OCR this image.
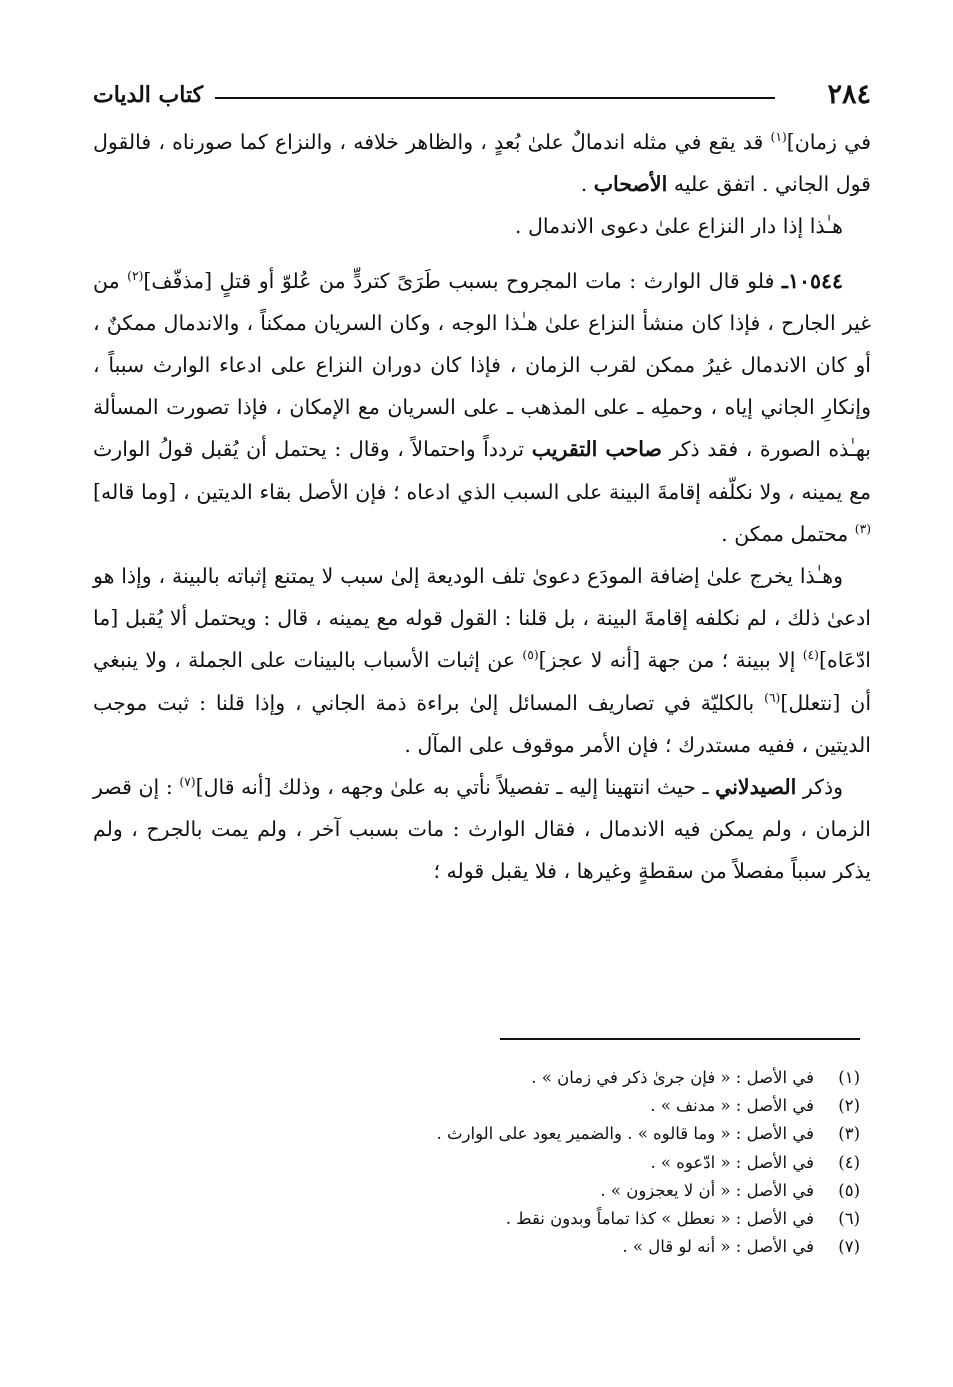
٢٨٤
كتاب الديات

في زمان]$^{(١)}$ قد يقع في مثله اندمالٌ علىٰ بُعدٍ ، والظاهر خلافه ، والنزاع كما صورناه ، فالقول قول الجاني . اتفق عليه الأصحاب .

هـٰذا إذا دار النزاع علىٰ دعوى الاندمال .

١٠٥٤٤ـ فلو قال الوارث : مات المجروح بسبب طَرَىً كتردٍّ من عُلوّ أو قتلٍ [مذفّف]$^{(٢)}$ من غير الجارح ، فإذا كان منشأ النزاع علىٰ هـٰذا الوجه ، وكان السريان ممكناً ، والاندمال ممكنٌ ، أو كان الاندمال غيرُ ممكن لقرب الزمان ، فإذا كان دوران النزاع على ادعاء الوارث سبباً ، وإنكارِ الجاني إياه ، وحملِه ـ على المذهب ـ على السريان مع الإمكان ، فإذا تصورت المسألة بهـٰذه الصورة ، فقد ذكر صاحب التقريب تردداً واحتمالاً ، وقال : يحتمل أن يُقبل قولُ الوارث مع يمينه ، ولا نكلّفه إقامةَ البينة على السبب الذي ادعاه ؛ فإن الأصل بقاء الديتين ، [وما قاله]$^{(٣)}$ محتمل ممكن .

وهـٰذا يخرج علىٰ إضافة المودَع دعوىٰ تلف الوديعة إلىٰ سبب لا يمتنع إثباته بالبينة ، وإذا هو ادعىٰ ذلك ، لم نكلفه إقامةَ البينة ، بل قلنا : القول قوله مع يمينه ، قال : ويحتمل ألا يُقبل [ما ادّعَاه]$^{(٤)}$ إلا ببينة ؛ من جهة [أنه لا عجز]$^{(٥)}$ عن إثبات الأسباب بالبينات على الجملة ، ولا ينبغي أن [نتعلل]$^{(٦)}$ بالكليّة في تصاريف المسائل إلىٰ براءة ذمة الجاني ، وإذا قلنا : ثبت موجب الديتين ، ففيه مستدرك ؛ فإن الأمر موقوف على المآل .

وذكر الصيدلاني ـ حيث انتهينا إليه ـ تفصيلاً نأتي به علىٰ وجهه ، وذلك [أنه قال]$^{(٧)}$ : إن قصر الزمان ، ولم يمكن فيه الاندمال ، فقال الوارث : مات بسبب آخر ، ولم يمت بالجرح ، ولم يذكر سبباً مفصلاً من سقطةٍ وغيرها ، فلا يقبل قوله ؛

(١)في الأصل : « فإن جرىٰ ذكر في زمان » .
(٢)في الأصل : « مدنف » .
(٣)في الأصل : « وما قالوه » . والضمير يعود على الوارث .
(٤)في الأصل : « ادّعوه » .
(٥)في الأصل : « أن لا يعجزون » .
(٦)في الأصل : « نعطل » كذا تماماً وبدون نقط .
(٧)في الأصل : « أنه لو قال » .
